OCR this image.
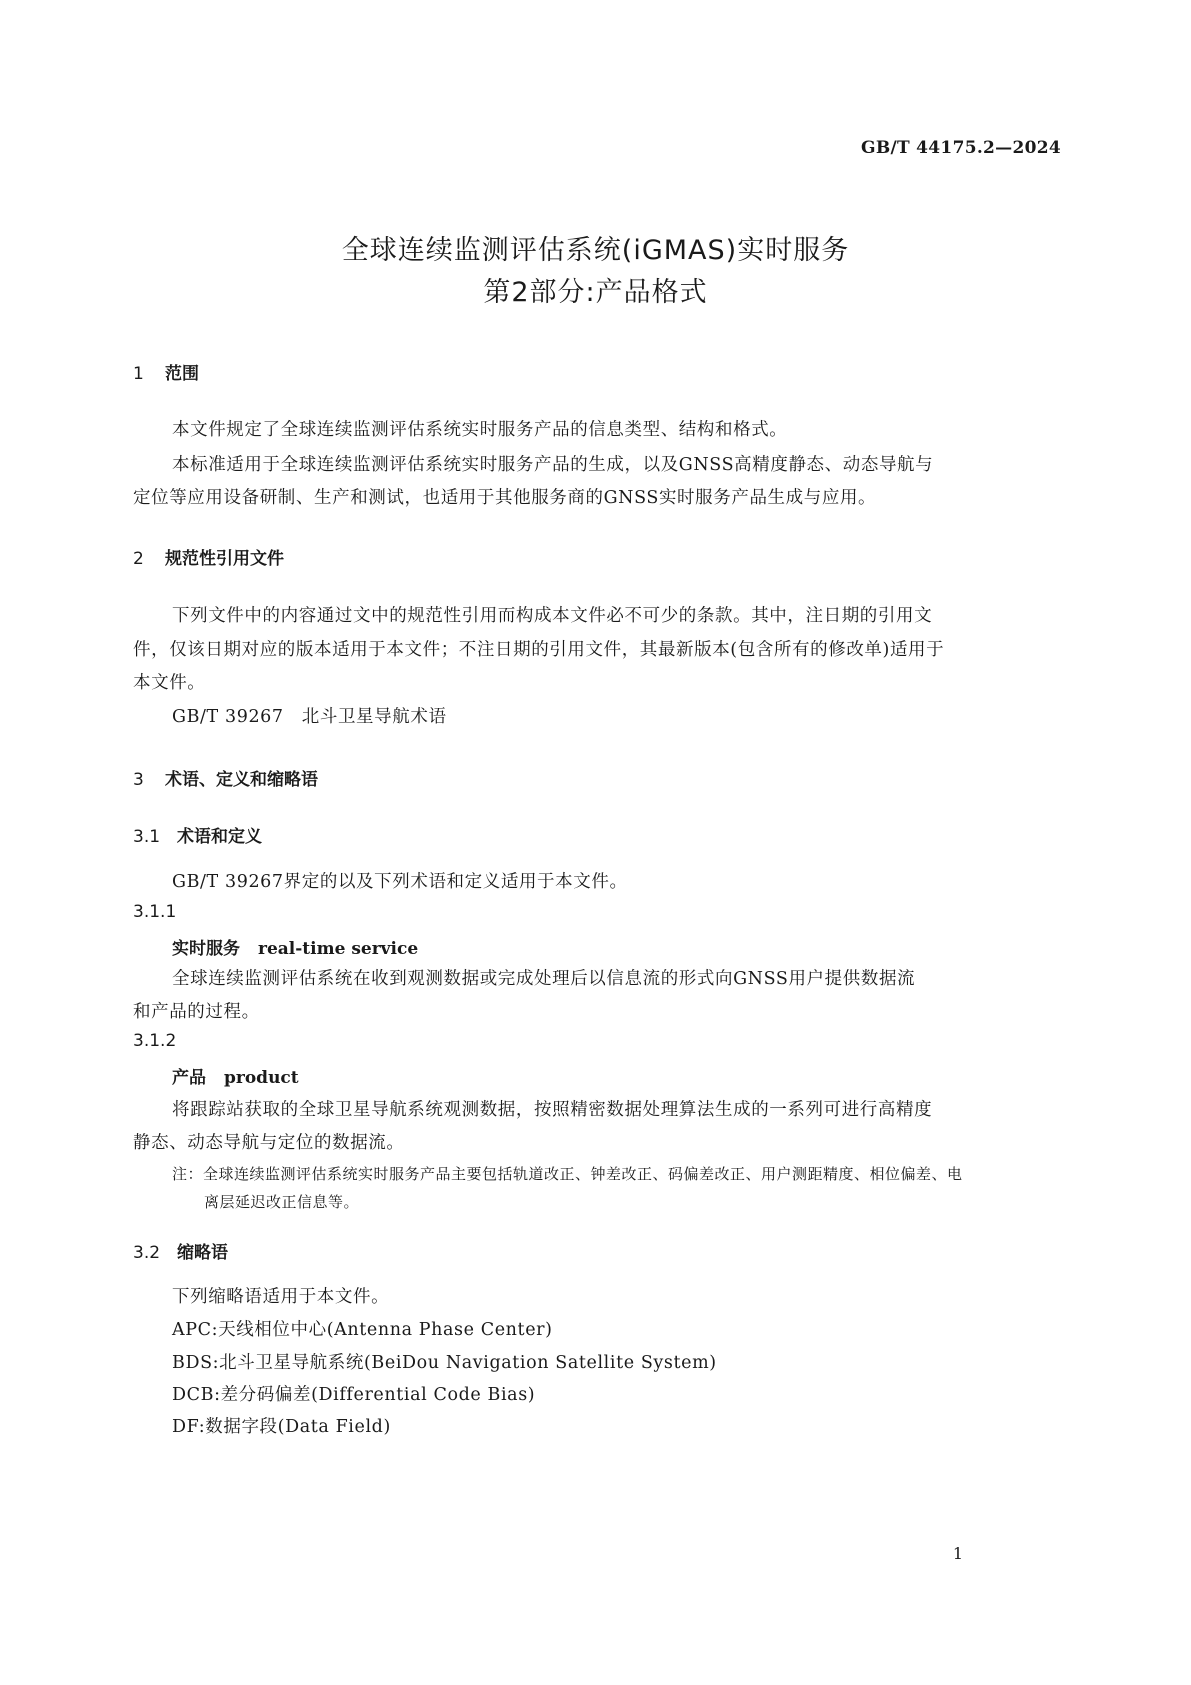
GB/T 44175.2—2024
全球连续监测评估系统(iGMAS)实时服务
第2部分:产品格式
1 范围
本文件规定了全球连续监测评估系统实时服务产品的信息类型、结构和格式。
本标准适用于全球连续监测评估系统实时服务产品的生成，以及GNSS高精度静态、动态导航与
定位等应用设备研制、生产和测试，也适用于其他服务商的GNSS实时服务产品生成与应用。
2 规范性引用文件
下列文件中的内容通过文中的规范性引用而构成本文件必不可少的条款。其中，注日期的引用文
件，仅该日期对应的版本适用于本文件；不注日期的引用文件，其最新版本(包含所有的修改单)适用于
本文件。
GB/T 39267　北斗卫星导航术语
3 术语、定义和缩略语
3.1 术语和定义
GB/T 39267界定的以及下列术语和定义适用于本文件。
3.1.1
实时服务 real-time service
全球连续监测评估系统在收到观测数据或完成处理后以信息流的形式向GNSS用户提供数据流
和产品的过程。
3.1.2
产品 product
将跟踪站获取的全球卫星导航系统观测数据，按照精密数据处理算法生成的一系列可进行高精度
静态、动态导航与定位的数据流。
注：全球连续监测评估系统实时服务产品主要包括轨道改正、钟差改正、码偏差改正、用户测距精度、相位偏差、电
离层延迟改正信息等。
3.2 缩略语
下列缩略语适用于本文件。
APC:天线相位中心(Antenna Phase Center)
BDS:北斗卫星导航系统(BeiDou Navigation Satellite System)
DCB:差分码偏差(Differential Code Bias)
DF:数据字段(Data Field)
1
